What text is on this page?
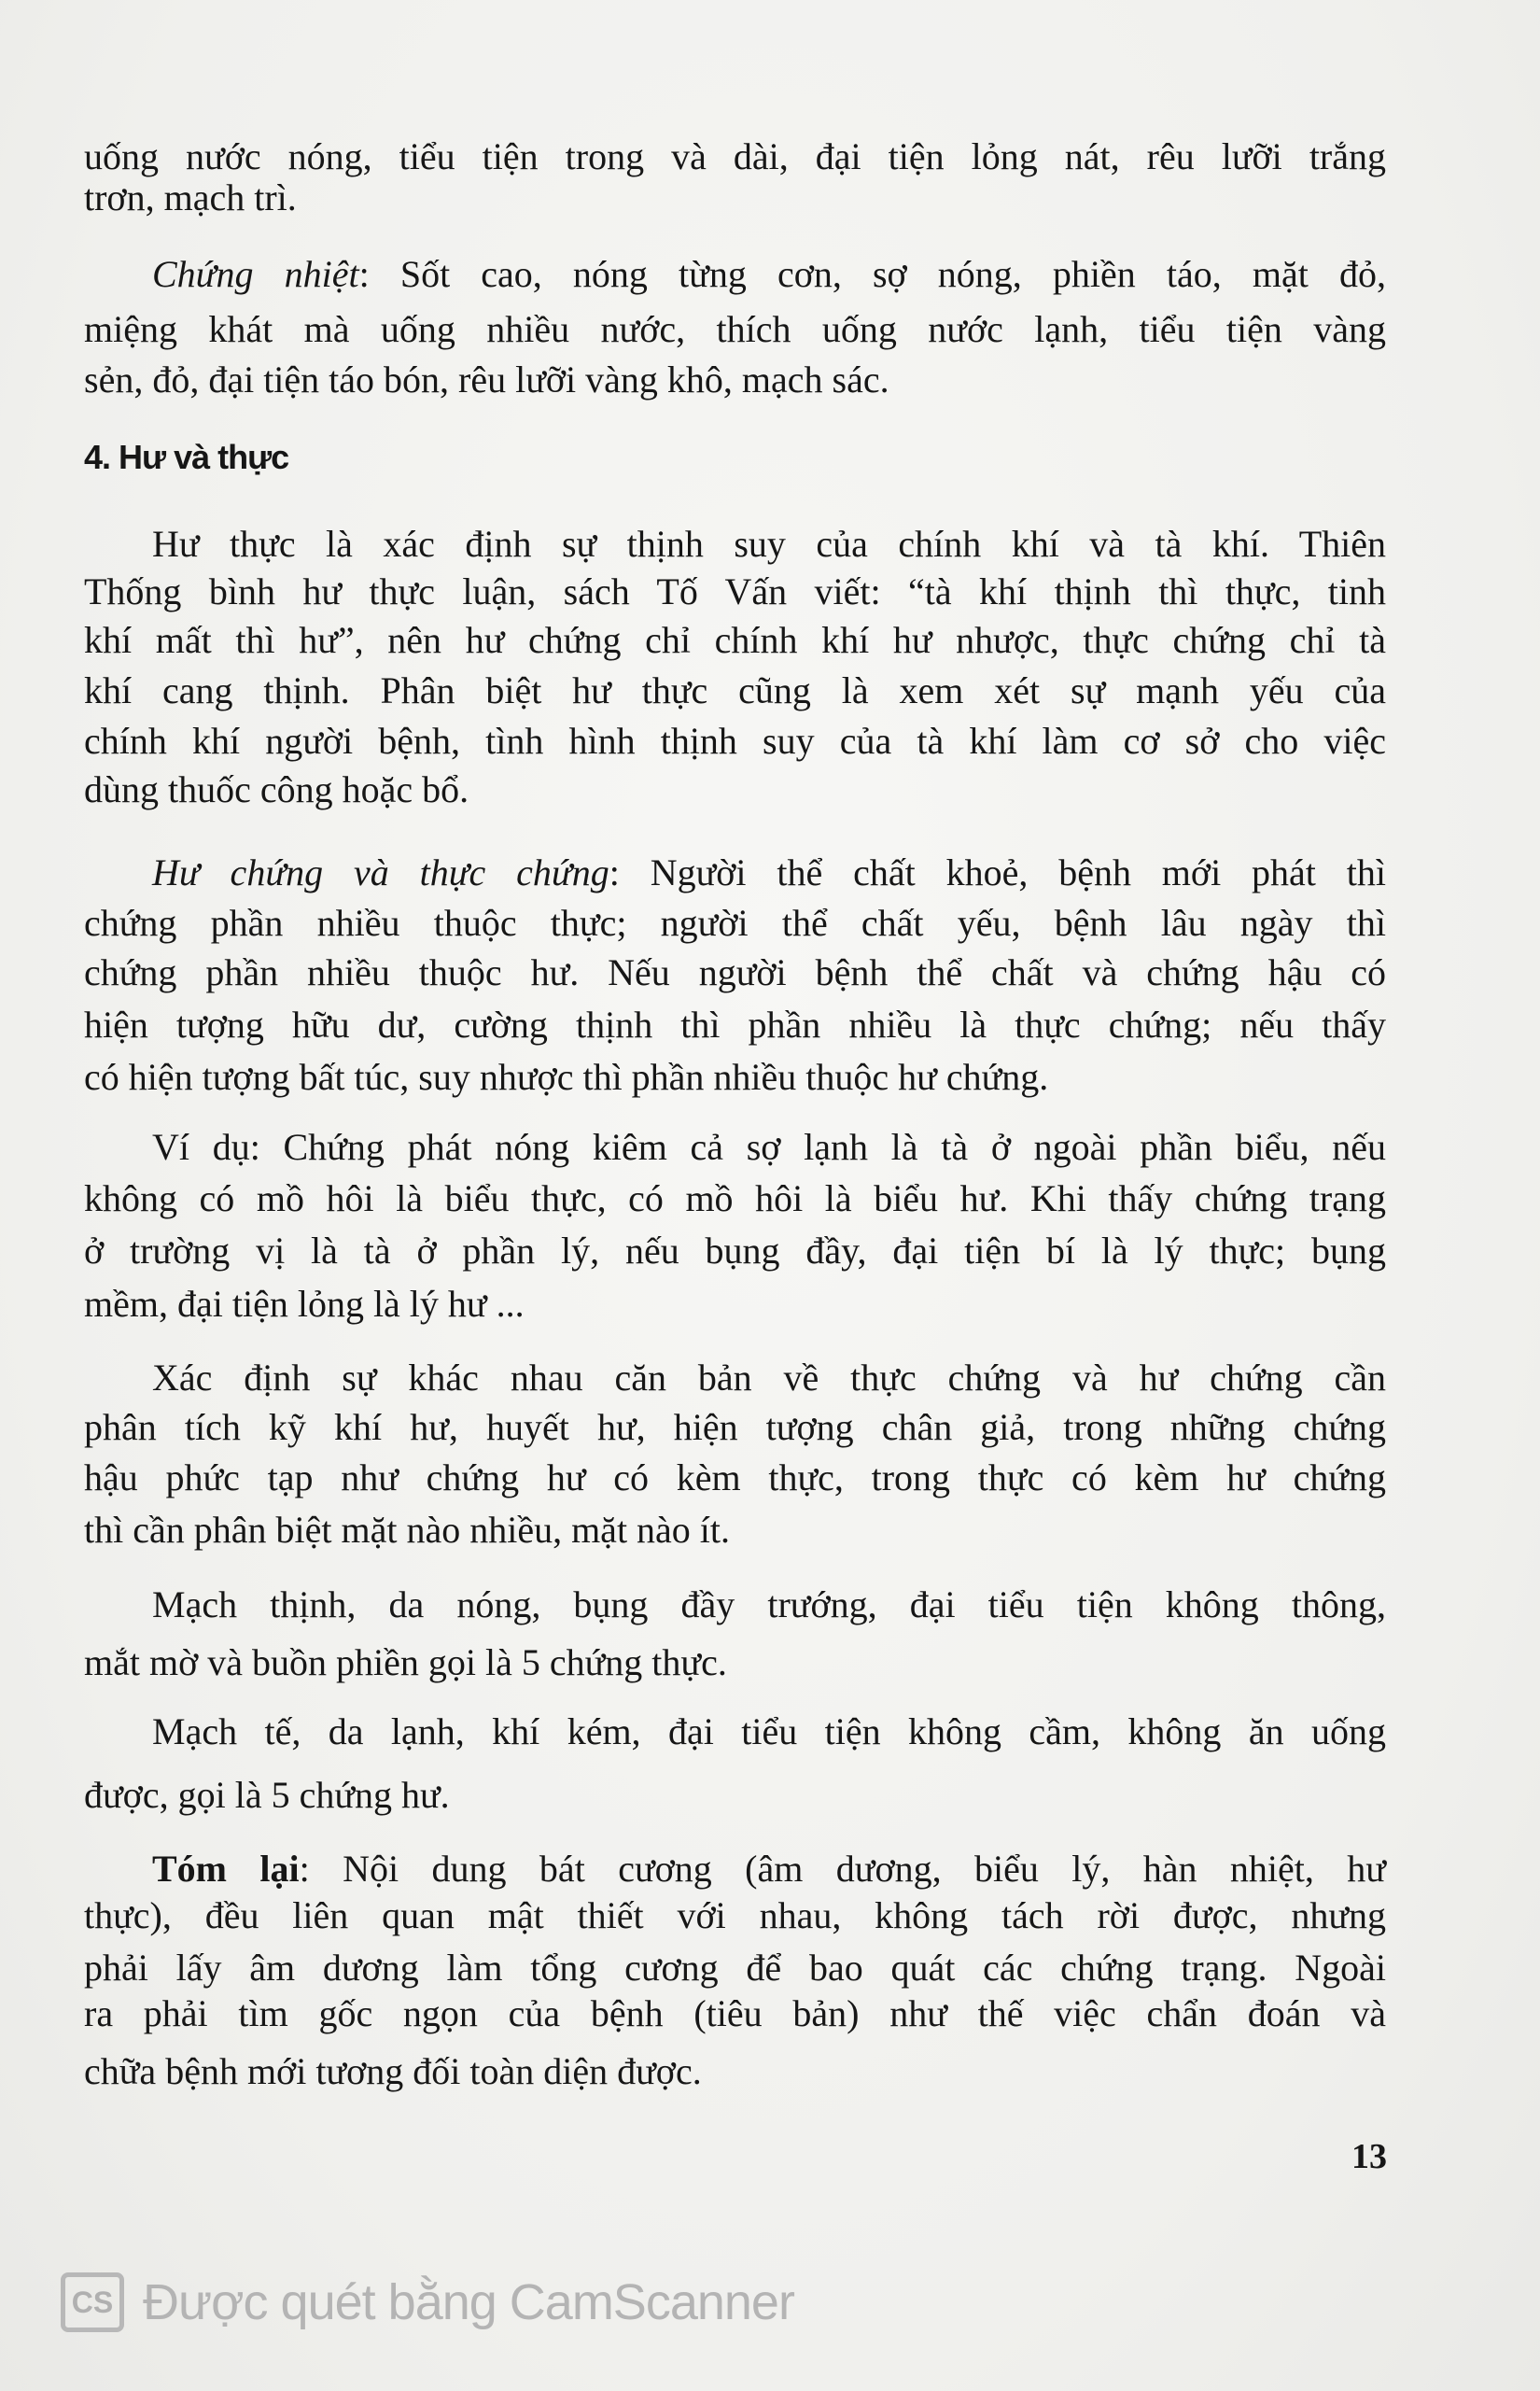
uống nước nóng, tiểu tiện trong và dài, đại tiện lỏng nát, rêu lưỡi trắng
trơn, mạch trì.
Chứng nhiệt: Sốt cao, nóng từng cơn, sợ nóng, phiền táo, mặt đỏ,
miệng khát mà uống nhiều nước, thích uống nước lạnh, tiểu tiện vàng
sẻn, đỏ, đại tiện táo bón, rêu lưỡi vàng khô, mạch sác.
Hư thực là xác định sự thịnh suy của chính khí và tà khí. Thiên
Thống bình hư thực luận, sách Tố Vấn viết: “tà khí thịnh thì thực, tinh
khí mất thì hư”, nên hư chứng chỉ chính khí hư nhược, thực chứng chỉ tà
khí cang thịnh. Phân biệt hư thực cũng là xem xét sự mạnh yếu của
chính khí người bệnh, tình hình thịnh suy của tà khí làm cơ sở cho việc
dùng thuốc công hoặc bổ.
Hư chứng và thực chứng: Người thể chất khoẻ, bệnh mới phát thì
chứng phần nhiều thuộc thực; người thể chất yếu, bệnh lâu ngày thì
chứng phần nhiều thuộc hư. Nếu người bệnh thể chất và chứng hậu có
hiện tượng hữu dư, cường thịnh thì phần nhiều là thực chứng; nếu thấy
có hiện tượng bất túc, suy nhược thì phần nhiều thuộc hư chứng.
Ví dụ: Chứng phát nóng kiêm cả sợ lạnh là tà ở ngoài phần biểu, nếu
không có mồ hôi là biểu thực, có mồ hôi là biểu hư. Khi thấy chứng trạng
ở trường vị là tà ở phần lý, nếu bụng đầy, đại tiện bí là lý thực; bụng
mềm, đại tiện lỏng là lý hư ...
Xác định sự khác nhau căn bản về thực chứng và hư chứng cần
phân tích kỹ khí hư, huyết hư, hiện tượng chân giả, trong những chứng
hậu phức tạp như chứng hư có kèm thực, trong thực có kèm hư chứng
thì cần phân biệt mặt nào nhiều, mặt nào ít.
Mạch thịnh, da nóng, bụng đầy trướng, đại tiểu tiện không thông,
mắt mờ và buồn phiền gọi là 5 chứng thực.
Mạch tế, da lạnh, khí kém, đại tiểu tiện không cầm, không ăn uống
được, gọi là 5 chứng hư.
Tóm lại: Nội dung bát cương (âm dương, biểu lý, hàn nhiệt, hư
thực), đều liên quan mật thiết với nhau, không tách rời được, nhưng
phải lấy âm dương làm tổng cương để bao quát các chứng trạng. Ngoài
ra phải tìm gốc ngọn của bệnh (tiêu bản) như thế việc chẩn đoán và
chữa bệnh mới tương đối toàn diện được.
4. Hư và thực
13
CS Được quét bằng CamScanner
